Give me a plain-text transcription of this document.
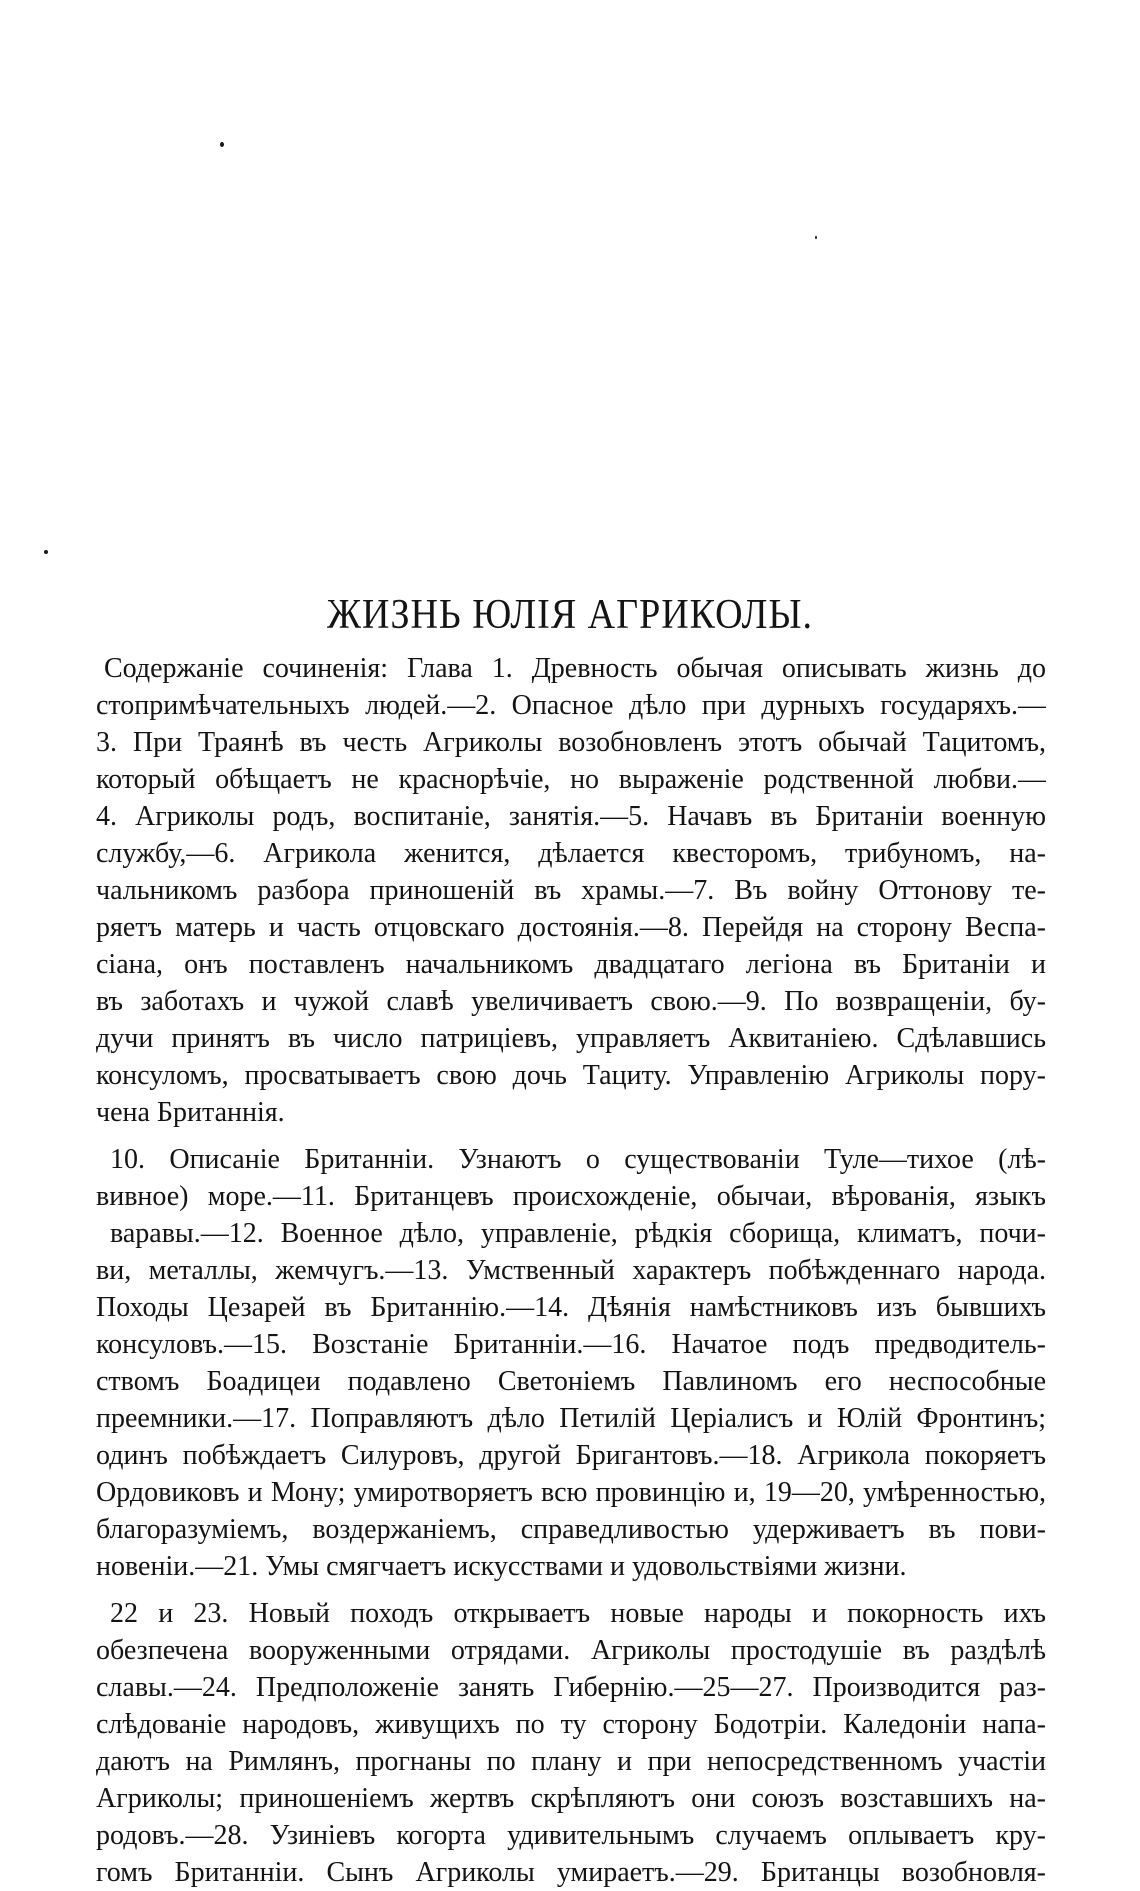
ЖИЗНЬ ЮЛІЯ АГРИКОЛЫ.
Содержаніе сочиненія: Глава 1. Древность обычая описывать жизнь до
стопримѣчательныхъ людей.—2. Опасное дѣло при дурныхъ государяхъ.—
3. При Траянѣ въ честь Агриколы возобновленъ этотъ обычай Тацитомъ,
который обѣщаетъ не краснорѣчіе, но выраженіе родственной любви.—
4. Агриколы родъ, воспитаніе, занятія.—5. Начавъ въ Британіи военную
службу,—6. Агрикола женится, дѣлается квесторомъ, трибуномъ, на-
чальникомъ разбора приношеній въ храмы.—7. Въ войну Оттонову те-
ряетъ матерь и часть отцовскаго достоянія.—8. Перейдя на сторону Веспа-
сіана, онъ поставленъ начальникомъ двадцатаго легіона въ Британіи и
въ заботахъ и чужой славѣ увеличиваетъ свою.—9. По возвращеніи, бу-
дучи принятъ въ число патриціевъ, управляетъ Аквитаніею. Сдѣлавшись
консуломъ, просватываетъ свою дочь Тациту. Управленію Агриколы пору-
чена Британнія.
10. Описаніе Британніи. Узнаютъ о существованіи Туле—тихое (лѣ-
вивное) море.—11. Британцевъ происхожденіе, обычаи, вѣрованія, языкъ
варавы.—12. Военное дѣло, управленіе, рѣдкія сборища, климатъ, почи-
ви, металлы, жемчугъ.—13. Умственный характеръ побѣжденнаго народа.
Походы Цезарей въ Британнію.—14. Дѣянія намѣстниковъ изъ бывшихъ
консуловъ.—15. Возстаніе Британніи.—16. Начатое подъ предводитель-
ствомъ Боадицеи подавлено Светоніемъ Павлиномъ его неспособные
преемники.—17. Поправляютъ дѣло Петилій Церіалисъ и Юлій Фронтинъ;
одинъ побѣждаетъ Силуровъ, другой Бригантовъ.—18. Агрикола покоряетъ
Ордовиковъ и Мону; умиротворяетъ всю провинцію и, 19—20, умѣренностью,
благоразуміемъ, воздержаніемъ, справедливостью удерживаетъ въ пови-
новеніи.—21. Умы смягчаетъ искусствами и удовольствіями жизни.
22 и 23. Новый походъ открываетъ новые народы и покорность ихъ
обезпечена вооруженными отрядами. Агриколы простодушіе въ раздѣлѣ
славы.—24. Предположеніе занять Гибернію.—25—27. Производится раз-
слѣдованіе народовъ, живущихъ по ту сторону Бодотріи. Каледоніи напа-
даютъ на Римлянъ, прогнаны по плану и при непосредственномъ участіи
Агриколы; приношеніемъ жертвъ скрѣпляютъ они союзъ возставшихъ на-
родовъ.—28. Узиніевъ когорта удивительнымъ случаемъ оплываетъ кру-
гомъ Британніи. Сынъ Агриколы умираетъ.—29. Британцы возобновля-
